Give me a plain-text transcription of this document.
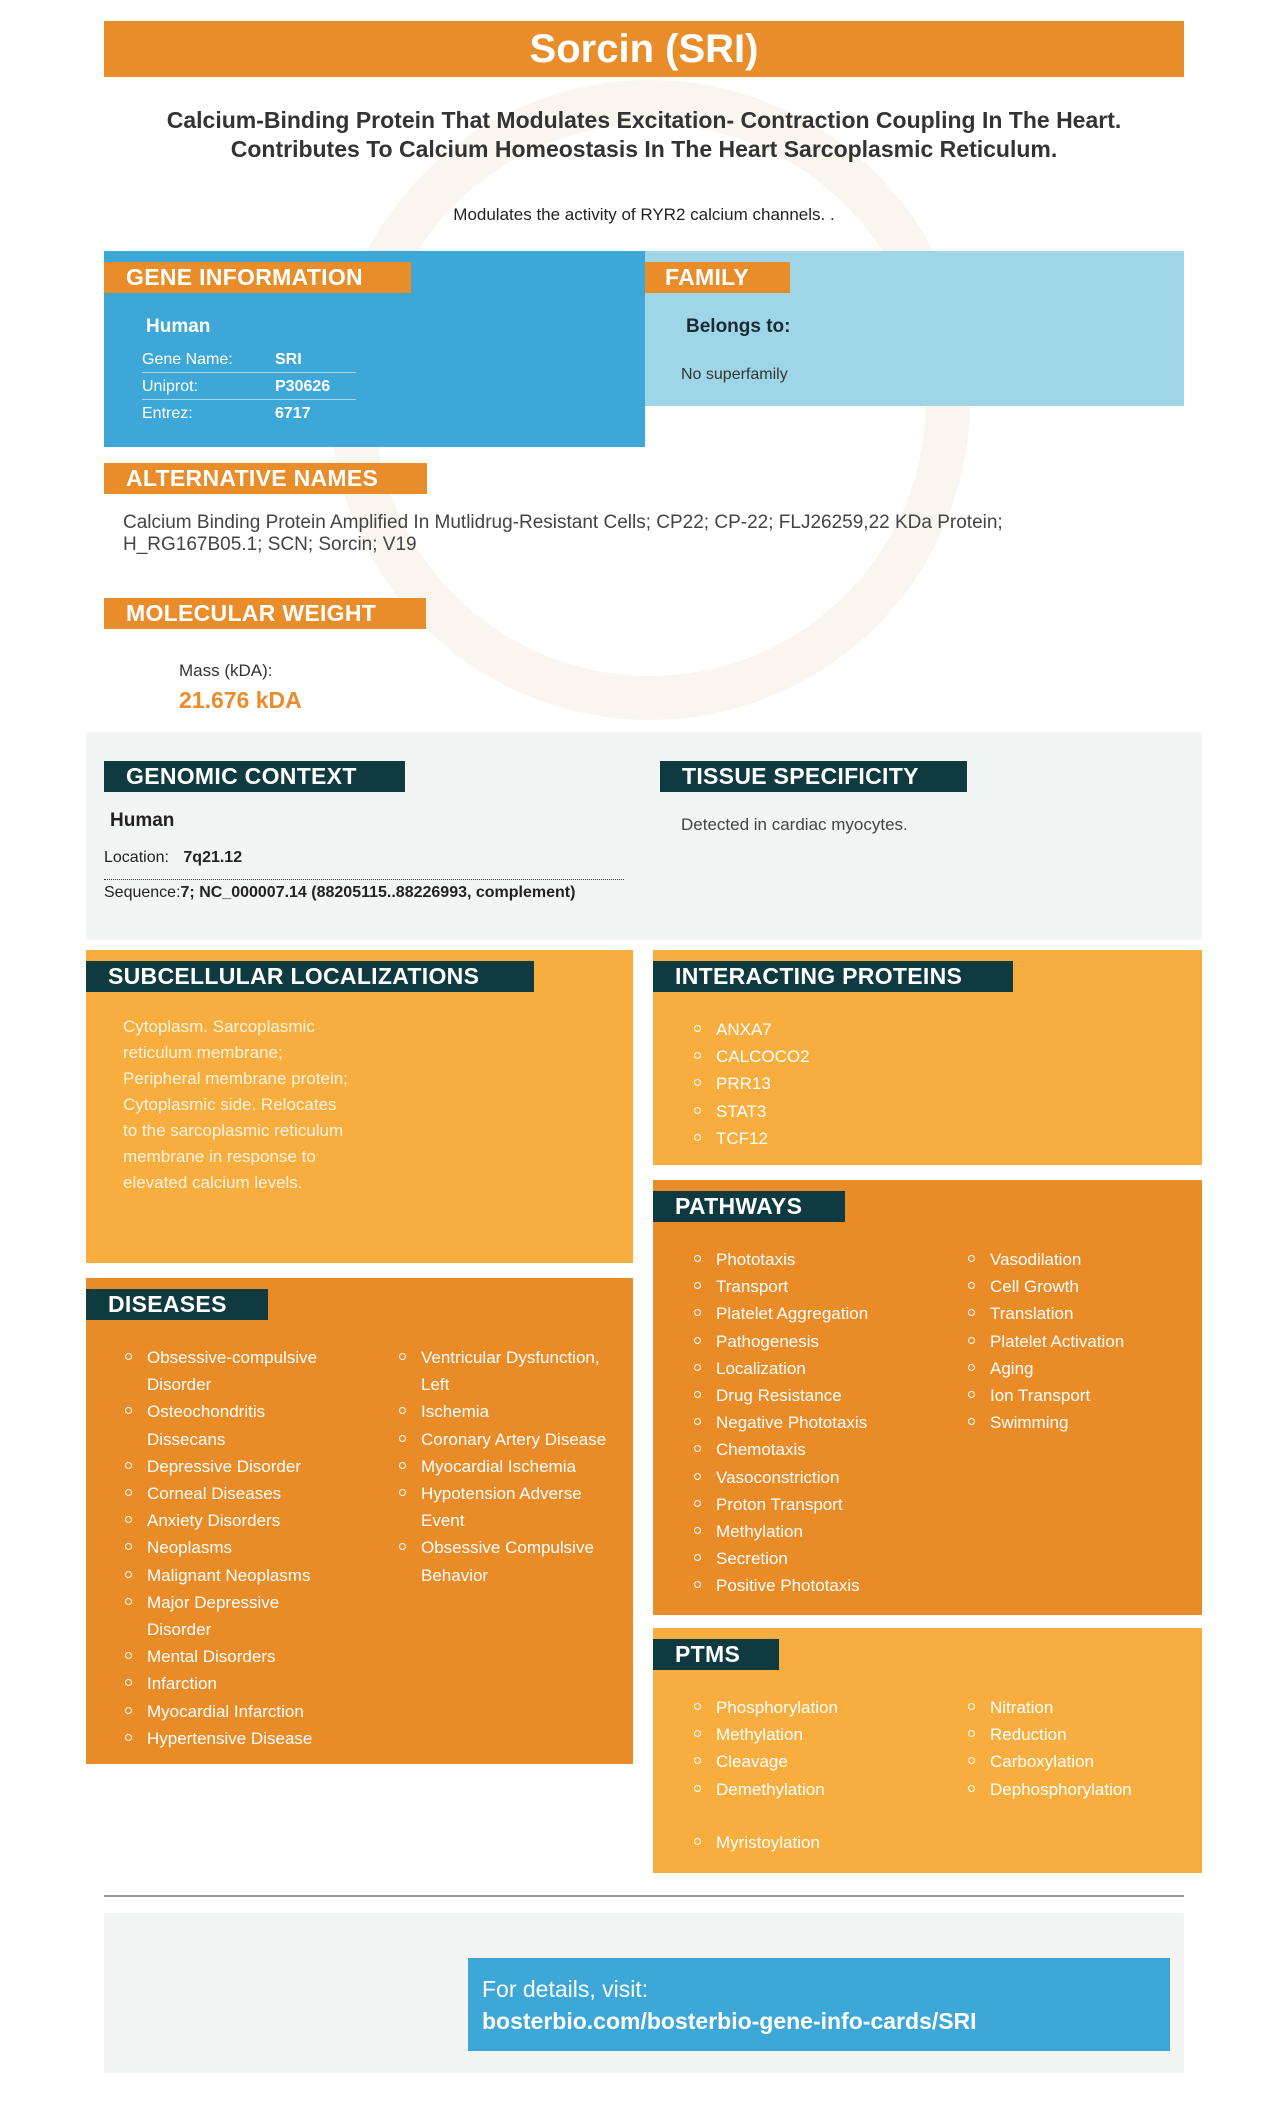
Sorcin (SRI)
Calcium-Binding Protein That Modulates Excitation- Contraction Coupling In The Heart. Contributes To Calcium Homeostasis In The Heart Sarcoplasmic Reticulum.
Modulates the activity of RYR2 calcium channels. .
GENE INFORMATION
Human
Gene Name:	SRI
Uniprot:	P30626
Entrez:	6717
FAMILY
Belongs to:
No superfamily
ALTERNATIVE NAMES
Calcium Binding Protein Amplified In Mutlidrug-Resistant Cells; CP22; CP-22; FLJ26259,22 KDa Protein; H_RG167B05.1; SCN; Sorcin; V19
MOLECULAR WEIGHT
Mass (kDA):
21.676 kDA
GENOMIC CONTEXT
Human
Location: 7q21.12
Sequence:7; NC_000007.14 (88205115..88226993, complement)
TISSUE SPECIFICITY
Detected in cardiac myocytes.
SUBCELLULAR LOCALIZATIONS
Cytoplasm. Sarcoplasmic reticulum membrane; Peripheral membrane protein; Cytoplasmic side. Relocates to the sarcoplasmic reticulum membrane in response to elevated calcium levels.
INTERACTING PROTEINS
ANXA7
CALCOCO2
PRR13
STAT3
TCF12
DISEASES
Obsessive-compulsive Disorder
Osteochondritis Dissecans
Depressive Disorder
Corneal Diseases
Anxiety Disorders
Neoplasms
Malignant Neoplasms
Major Depressive Disorder
Mental Disorders
Infarction
Myocardial Infarction
Hypertensive Disease
Ventricular Dysfunction, Left
Ischemia
Coronary Artery Disease
Myocardial Ischemia
Hypotension Adverse Event
Obsessive Compulsive Behavior
PATHWAYS
Phototaxis
Transport
Platelet Aggregation
Pathogenesis
Localization
Drug Resistance
Negative Phototaxis
Chemotaxis
Vasoconstriction
Proton Transport
Methylation
Secretion
Positive Phototaxis
Vasodilation
Cell Growth
Translation
Platelet Activation
Aging
Ion Transport
Swimming
PTMS
Phosphorylation
Methylation
Cleavage
Demethylation
Nitration
Reduction
Carboxylation
Dephosphorylation
Myristoylation
For details, visit:
bosterbio.com/bosterbio-gene-info-cards/SRI
